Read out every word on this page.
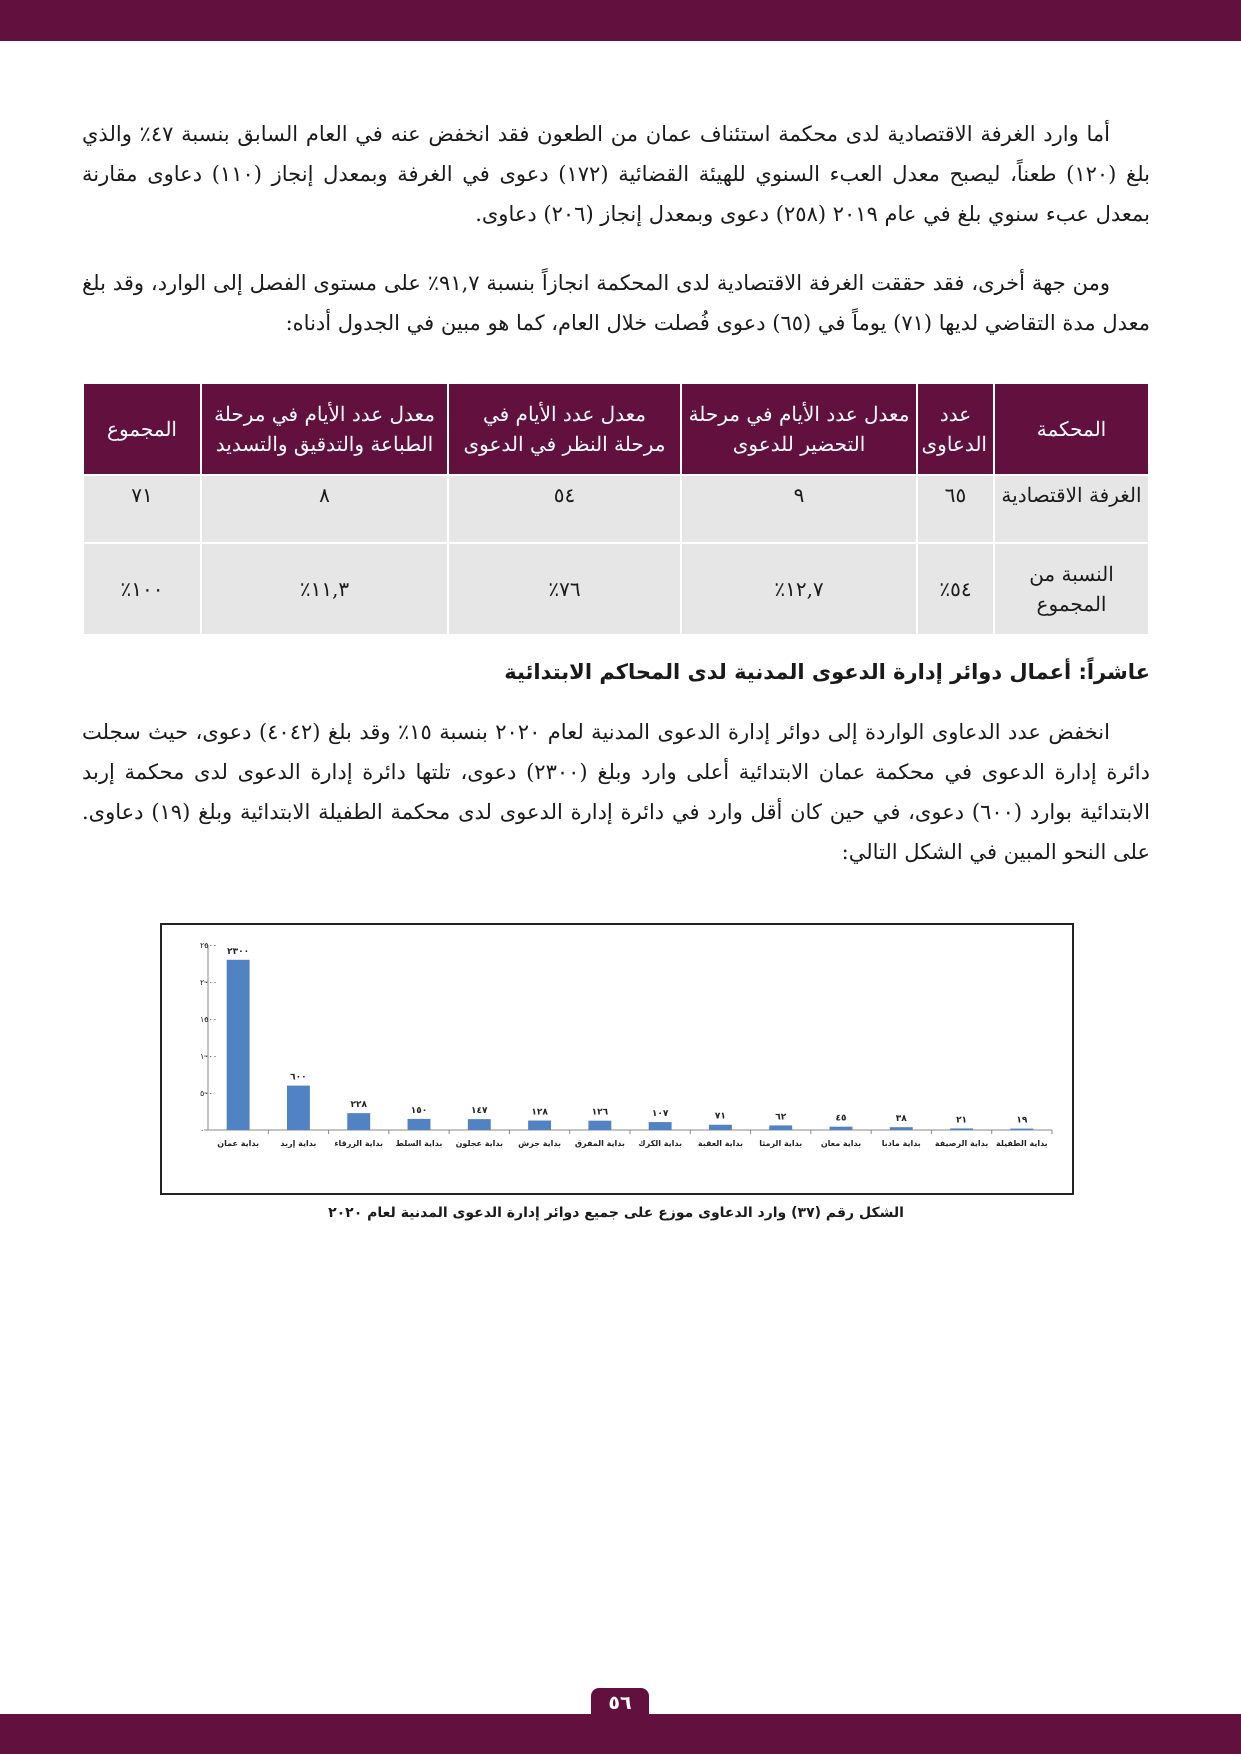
أما وارد الغرفة الاقتصادية لدى محكمة استئناف عمان من الطعون فقد انخفض عنه في العام السابق بنسبة ٤٧٪ والذي بلغ (١٢٠) طعناً، ليصبح معدل العبء السنوي للهيئة القضائية (١٧٢) دعوى في الغرفة وبمعدل إنجاز (١١٠) دعاوى مقارنة بمعدل عبء سنوي بلغ في عام ٢٠١٩ (٢٥٨) دعوى وبمعدل إنجاز (٢٠٦) دعاوى.

ومن جهة أخرى، فقد حققت الغرفة الاقتصادية لدى المحكمة انجازاً بنسبة ٩١,٧٪ على مستوى الفصل إلى الوارد، وقد بلغ معدل مدة التقاضي لديها (٧١) يوماً في (٦٥) دعوى فُصلت خلال العام، كما هو مبين في الجدول أدناه:

المحكمة	عدد الدعاوى	معدل عدد الأيام في مرحلة التحضير للدعوى	معدل عدد الأيام في مرحلة النظر في الدعوى	معدل عدد الأيام في مرحلة الطباعة والتدقيق والتسديد	المجموع
الغرفة الاقتصادية	٦٥	٩	٥٤	٨	٧١
النسبة من المجموع	٥٤٪	١٢,٧٪	٧٦٪	١١,٣٪	١٠٠٪
عاشراً: أعمال دوائر إدارة الدعوى المدنية لدى المحاكم الابتدائية

انخفض عدد الدعاوى الواردة إلى دوائر إدارة الدعوى المدنية لعام ٢٠٢٠ بنسبة ١٥٪ وقد بلغ (٤٠٤٢) دعوى، حيث سجلت دائرة إدارة الدعوى في محكمة عمان الابتدائية أعلى وارد وبلغ (٢٣٠٠) دعوى، تلتها دائرة إدارة الدعوى لدى محكمة إربد الابتدائية بوارد (٦٠٠) دعوى، في حين كان أقل وارد في دائرة إدارة الدعوى لدى محكمة الطفيلة الابتدائية وبلغ (١٩) دعاوى. على النحو المبين في الشكل التالي:

٠
٥٠٠
١٠٠٠
١٥٠٠
٢٠٠٠
٢٥٠٠
٢٣٠٠
بداية عمان
٦٠٠
بداية إربد
٢٢٨
بداية الزرقاء
١٥٠
بداية السلط
١٤٧
بداية عجلون
١٢٨
بداية جرش
١٢٦
بداية المفرق
١٠٧
بداية الكرك
٧١
بداية العقبة
٦٢
بداية الرمثا
٤٥
بداية معان
٣٨
بداية مادبا
٢١
بداية الرصيفة
١٩
بداية الطفيلة
الشكل رقم (٣٧) وارد الدعاوى موزع على جميع دوائر إدارة الدعوى المدنية لعام ٢٠٢٠
٥٦
